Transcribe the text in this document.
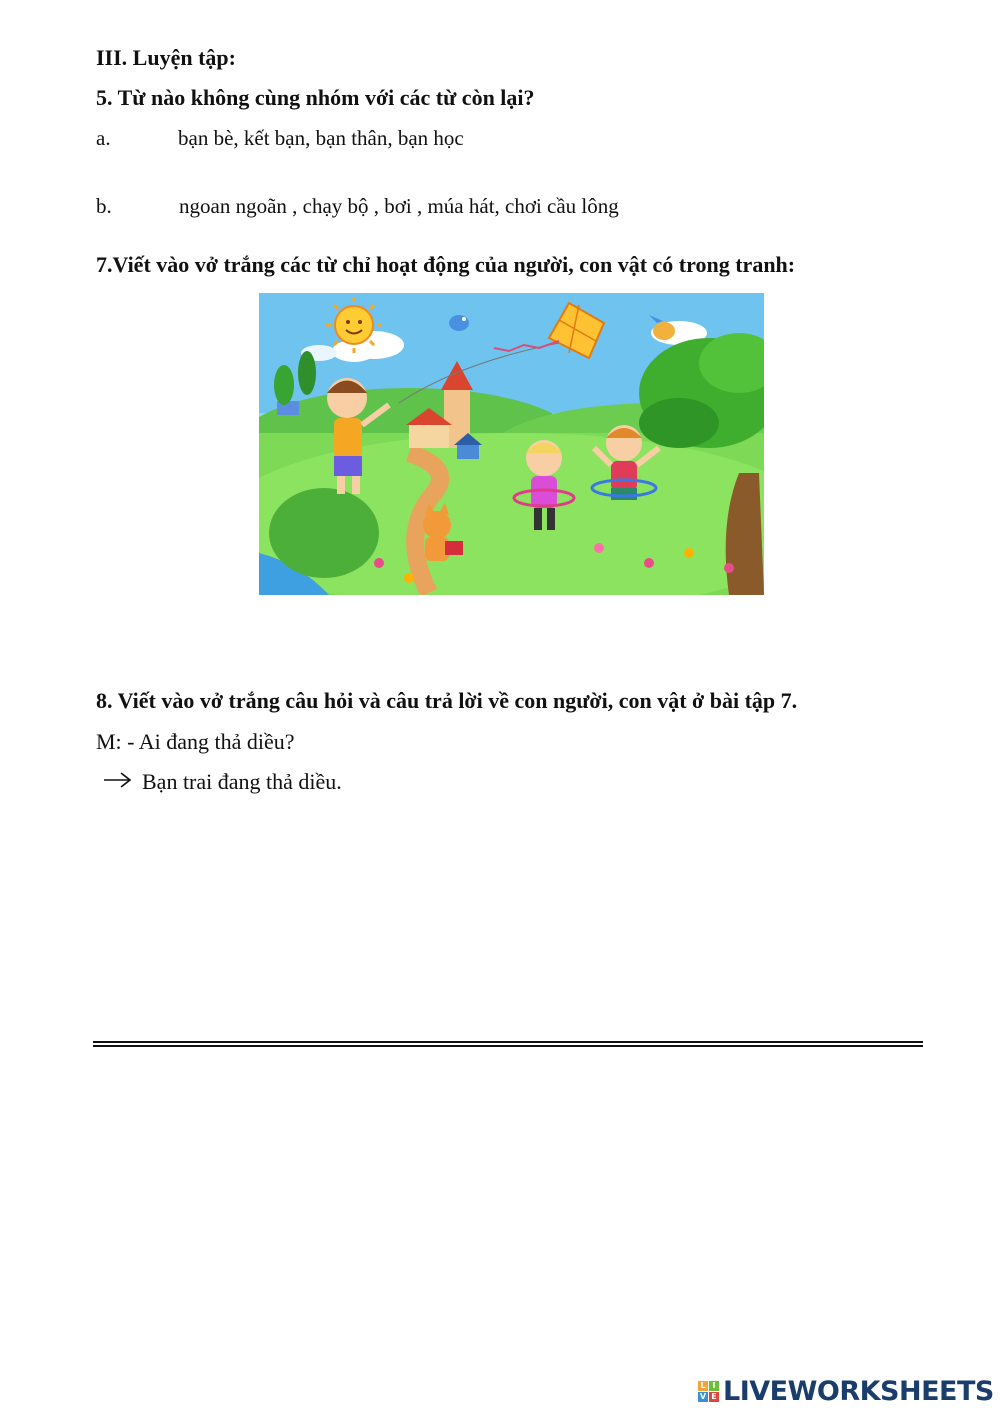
III. Luyện tập:
5. Từ nào không cùng nhóm với các từ còn lại?
a.	bạn bè, kết bạn, bạn thân, bạn học
b.	ngoan ngoãn , chạy bộ , bơi , múa hát, chơi cầu lông
7.Viết vào vở trắng các từ chỉ hoạt động của người, con vật có trong tranh:
8. Viết vào vở trắng câu hỏi và câu trả lời về con người, con vật ở bài tập 7.
M: - Ai đang thả diều?
Bạn trai đang thả diều.
L I
V E LIVEWORKSHEETS
